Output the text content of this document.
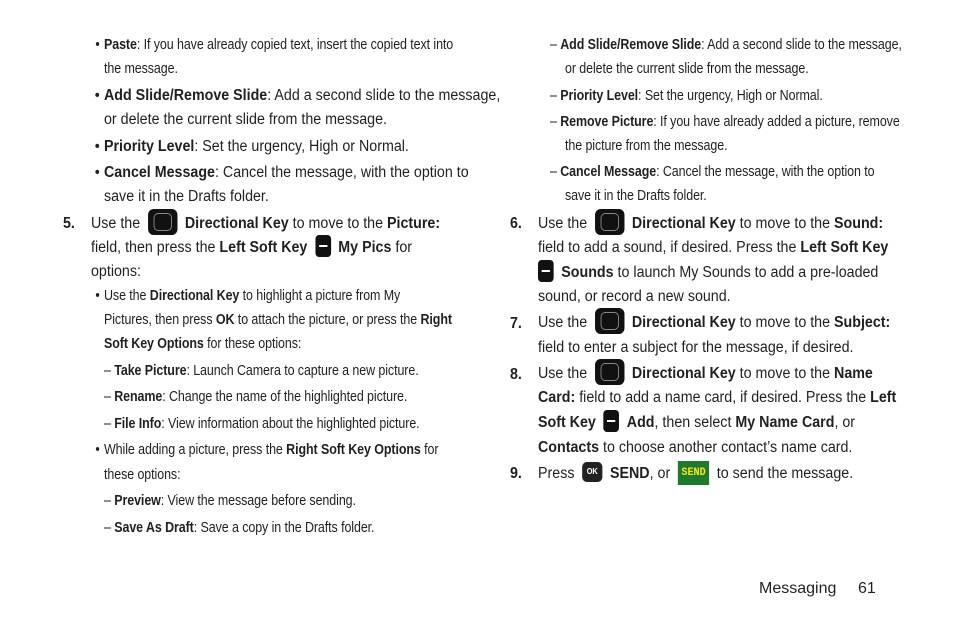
• Paste: If you have already copied text, insert the copied text into
the message.
• Add Slide/Remove Slide: Add a second slide to the message,
or delete the current slide from the message.
• Priority Level: Set the urgency, High or Normal.
• Cancel Message: Cancel the message, with the option to
save it in the Drafts folder.
5. Use the	Directional Key to move to the Picture:
field, then press the Left Soft Key My Pics for
options:
• Use the Directional Key to highlight a picture from My
Pictures, then press OK to attach the picture, or press the Right
Soft Key Options for these options:
– Take Picture: Launch Camera to capture a new picture.
– Rename: Change the name of the highlighted picture.
– File Info: View information about the highlighted picture.
• While adding a picture, press the Right Soft Key Options for
these options:
– Preview: View the message before sending.
– Save As Draft: Save a copy in the Drafts folder.
– Add Slide/Remove Slide: Add a second slide to the message,
or delete the current slide from the message.
– Priority Level: Set the urgency, High or Normal.
– Remove Picture: If you have already added a picture, remove
the picture from the message.
– Cancel Message: Cancel the message, with the option to
save it in the Drafts folder.
6. Use the	Directional Key to move to the Sound:
field to add a sound, if desired. Press the Left Soft Key
Sounds to launch My Sounds to add a pre-loaded
sound, or record a new sound.
7. Use the	Directional Key to move to the Subject:
field to enter a subject for the message, if desired.
8. Use the	Directional Key to move to the Name
Card: field to add a name card, if desired. Press the Left
Soft Key Add, then select My Name Card, or
Contacts to choose another contact’s name card.
9. Press OK SEND, or SEND to send the message.
Messaging 61
